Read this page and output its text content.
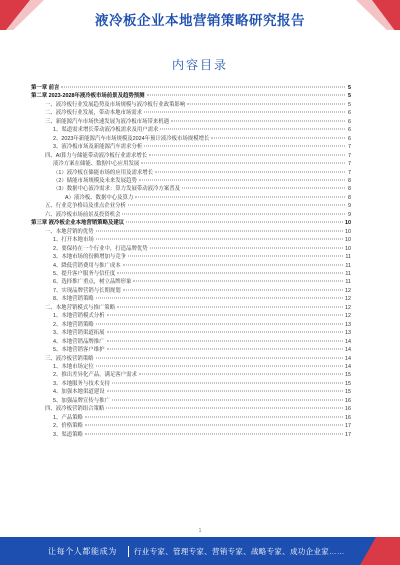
液冷板企业本地营销策略研究报告
内容目录
第一章 前言	5
第二章 2023-2028年液冷板市场前景及趋势预测	5
一、液冷板行业发展趋势及市场规模与液冷板行业政策影响	5
二、液冷板行业发展，带动本地市场需求	6
三、新能源汽车市场快速发展为液冷板市场带来机遇	6
1、渠道需求增长带动液冷板需求及用户需求	6
2、2023年新能源汽车市场规模及2024年预计液冷板市场规模增长	6
3、液冷板市场及新能源汽车需求分析	7
四、AI算力与储能带动液冷板行业需求增长	7
液冷方案在储能、数据中心应用发展	7
（1）液冷板在储能市场的应用及需求增长	7
（2）储能市场规模及未来发展趋势	8
（3）数据中心液冷需求：算力发展带动液冷方案普及	8
A）液冷板、数据中心及算力	8
五、行业竞争格局及重点企业分析	9
六、液冷板市场前景及投资机会	9
第三章 液冷板企业本地营销策略及建议	10
一、本地营销的优势	10
1、打开本地市场	10
2、要保持在一个行业中，打造品牌优势	10
3、本地市场的份额增加与竞争	11
4、降低营销费用与推广成本	11
5、提升客户服务与信任度	11
6、选择推广重点，树立品牌形象	11
7、实现品牌营销与长期规划	12
8、本地营销策略	12
二、本地营销模式与推广策略	12
1、本地营销模式分析	12
2、本地营销策略	13
3、本地营销渠道拓展	13
4、本地营销品牌推广	14
5、本地营销客户维护	14
三、液冷板营销策略	14
1、本地市场定位	14
2、推出差异化产品，满足客户需求	15
3、本地服务与技术支持	15
4、加强本地渠道建设	15
5、加强品牌宣传与推广	16
四、液冷板营销组合策略	16
1、产品策略	16
2、价格策略	17
3、渠道策略	17
1
让每个人都能成为 行业专家、管理专家、营销专家、战略专家、成功企业家……
